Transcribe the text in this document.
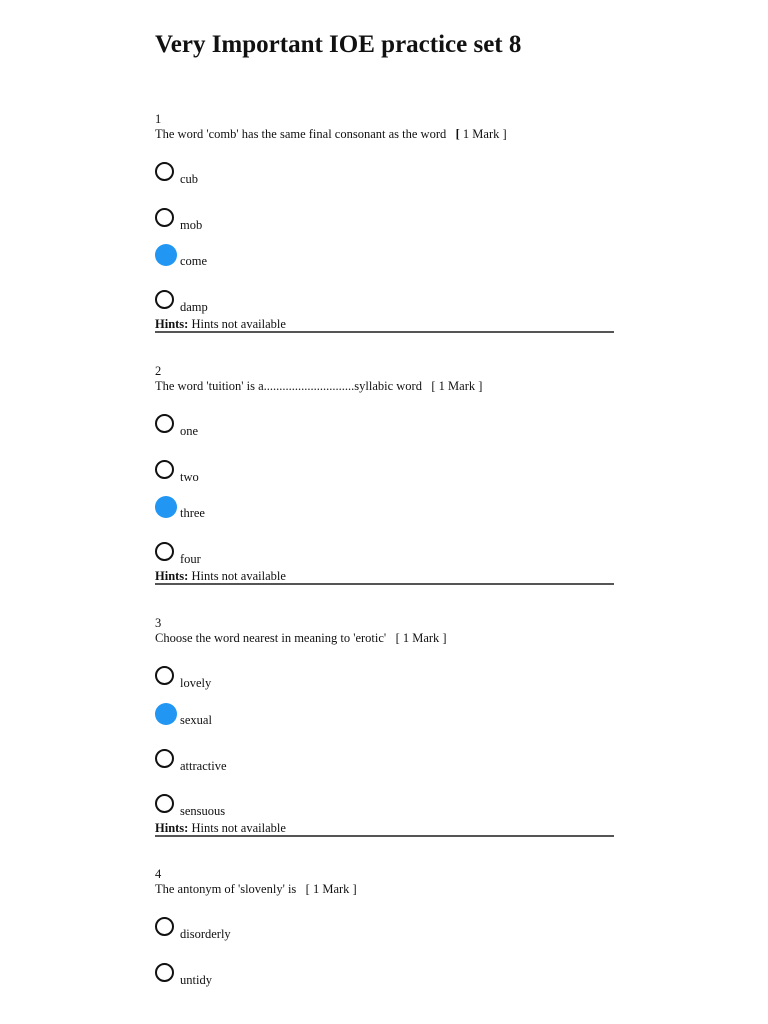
Very Important IOE practice set 8
1
The word 'comb' has the same final consonant as the word [ 1 Mark ]
cub
mob
come
damp
Hints: Hints not available
2
The word 'tuition' is a.............................syllabic word [ 1 Mark ]
one
two
three
four
Hints: Hints not available
3
Choose the word nearest in meaning to 'erotic' [ 1 Mark ]
lovely
sexual
attractive
sensuous
Hints: Hints not available
4
The antonym of 'slovenly' is [ 1 Mark ]
disorderly
untidy
